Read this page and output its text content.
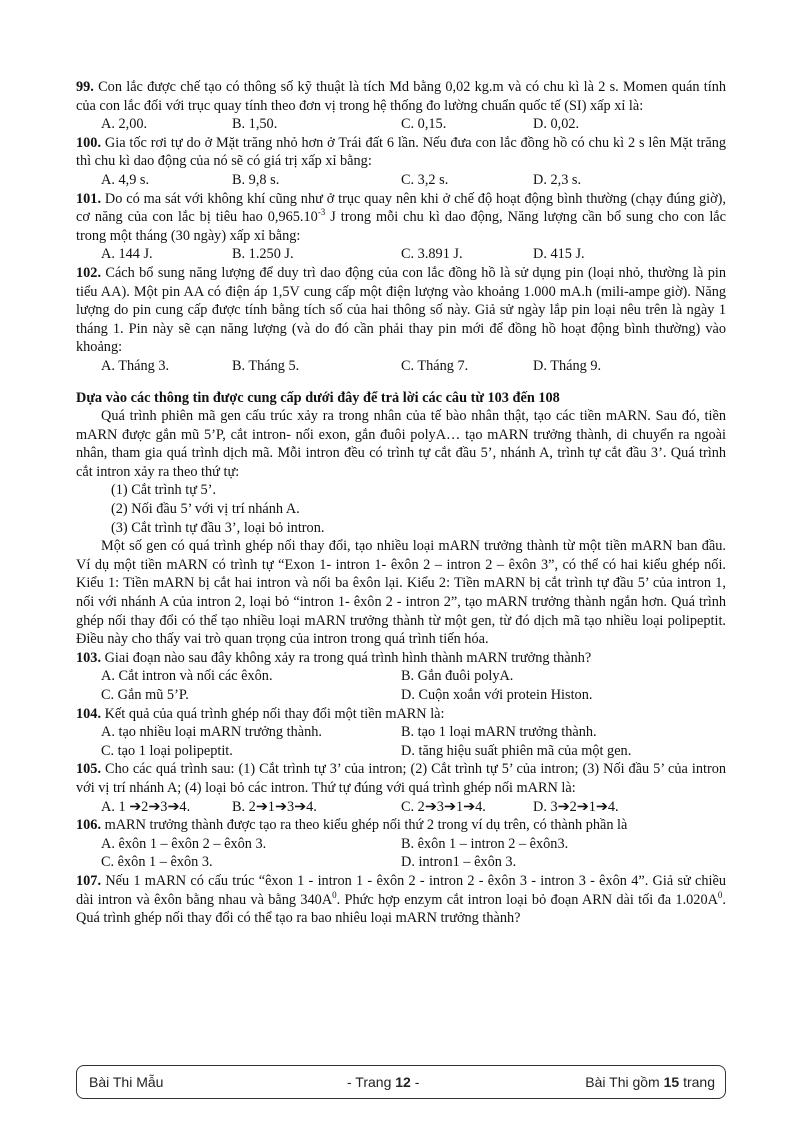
99. Con lắc được chế tạo có thông số kỹ thuật là tích Md bằng 0,02 kg.m và có chu kì là 2 s. Momen quán tính của con lắc đối với trục quay tính theo đơn vị trong hệ thống đo lường chuẩn quốc tế (SI) xấp xỉ là:
A. 2,00.	B. 1,50.	C. 0,15.	D. 0,02.
100. Gia tốc rơi tự do ở Mặt trăng nhỏ hơn ở Trái đất 6 lần. Nếu đưa con lắc đồng hồ có chu kì 2 s lên Mặt trăng thì chu kì dao động của nó sẽ có giá trị xấp xỉ bằng:
A. 4,9 s.	B. 9,8 s.	C. 3,2 s.	D. 2,3 s.
101. Do có ma sát với không khí cũng như ở trục quay nên khi ở chế độ hoạt động bình thường (chạy đúng giờ), cơ năng của con lắc bị tiêu hao $0,965.10^{-3}$ J trong mỗi chu kì dao động, Năng lượng cần bổ sung cho con lắc trong một tháng (30 ngày) xấp xỉ bằng:
A. 144 J.	B. 1.250 J.	C. 3.891 J.	D. 415 J.
102. Cách bổ sung năng lượng để duy trì dao động của con lắc đồng hồ là sử dụng pin (loại nhỏ, thường là pin tiểu AA). Một pin AA có điện áp 1,5V cung cấp một điện lượng vào khoảng 1.000 mA.h (mili-ampe giờ). Năng lượng do pin cung cấp được tính bằng tích số của hai thông số này. Giả sử ngày lắp pin loại nêu trên là ngày 1 tháng 1. Pin này sẽ cạn năng lượng (và do đó cần phải thay pin mới để đồng hồ hoạt động bình thường) vào khoảng:
A. Tháng 3.	B. Tháng 5.	C. Tháng 7.	D. Tháng 9.
Dựa vào các thông tin được cung cấp dưới đây để trả lời các câu từ 103 đến 108
Quá trình phiên mã gen cấu trúc xảy ra trong nhân của tế bào nhân thật, tạo các tiền mARN. Sau đó, tiền mARN được gắn mũ 5’P, cắt intron- nối exon, gắn đuôi polyA… tạo mARN trưởng thành, di chuyển ra ngoài nhân, tham gia quá trình dịch mã. Mỗi intron đều có trình tự cắt đầu 5’, nhánh A, trình tự cắt đầu 3’. Quá trình cắt intron xảy ra theo thứ tự:
(1) Cắt trình tự 5’.
(2) Nối đầu 5’ với vị trí nhánh A.
(3) Cắt trình tự đầu 3’, loại bỏ intron.
Một số gen có quá trình ghép nối thay đổi, tạo nhiều loại mARN trưởng thành từ một tiền mARN ban đầu. Ví dụ một tiền mARN có trình tự “Exon 1- intron 1- êxôn 2 – intron 2 – êxôn 3”, có thể có hai kiểu ghép nối. Kiểu 1: Tiền mARN bị cắt hai intron và nối ba êxôn lại. Kiểu 2: Tiền mARN bị cắt trình tự đầu 5’ của intron 1, nối với nhánh A của intron 2, loại bỏ “intron 1- êxôn 2 - intron 2”, tạo mARN trưởng thành ngắn hơn. Quá trình ghép nối thay đổi có thể tạo nhiều loại mARN trưởng thành từ một gen, từ đó dịch mã tạo nhiều loại polipeptit. Điều này cho thấy vai trò quan trọng của intron trong quá trình tiến hóa.
103. Giai đoạn nào sau đây không xảy ra trong quá trình hình thành mARN trưởng thành?
A. Cắt intron và nối các êxôn.	B. Gắn đuôi polyA.
C. Gắn mũ 5’P.	D. Cuộn xoắn với protein Histon.
104. Kết quả của quá trình ghép nối thay đổi một tiền mARN là:
A. tạo nhiều loại mARN trưởng thành.	B. tạo 1 loại mARN trưởng thành.
C. tạo 1 loại polipeptit.	D. tăng hiệu suất phiên mã của một gen.
105. Cho các quá trình sau: (1) Cắt trình tự 3’ của intron; (2) Cắt trình tự 5’ của intron; (3) Nối đầu 5’ của intron với vị trí nhánh A; (4) loại bỏ các intron. Thứ tự đúng với quá trình ghép nối mARN là:
A. 1 ➔2➔3➔4.	B. 2➔1➔3➔4.	C. 2➔3➔1➔4.	D. 3➔2➔1➔4.
106. mARN trưởng thành được tạo ra theo kiểu ghép nối thứ 2 trong ví dụ trên, có thành phần là
A. êxôn 1 – êxôn 2 – êxôn 3.	B. êxôn 1 – intron 2 – êxôn3.
C. êxôn 1 – êxôn 3.	D. intron1 – êxôn 3.
107. Nếu 1 mARN có cấu trúc “êxon 1 - intron 1 - êxôn 2 - intron 2 - êxôn 3 - intron 3 - êxôn 4”. Giả sử chiều dài intron và êxôn bằng nhau và bằng $340A^0$. Phức hợp enzym cắt intron loại bỏ đoạn ARN dài tối đa $1.020A^0$. Quá trình ghép nối thay đổi có thể tạo ra bao nhiêu loại mARN trưởng thành?
Bài Thi Mẫu	- Trang 12 -	Bài Thi gồm 15 trang
